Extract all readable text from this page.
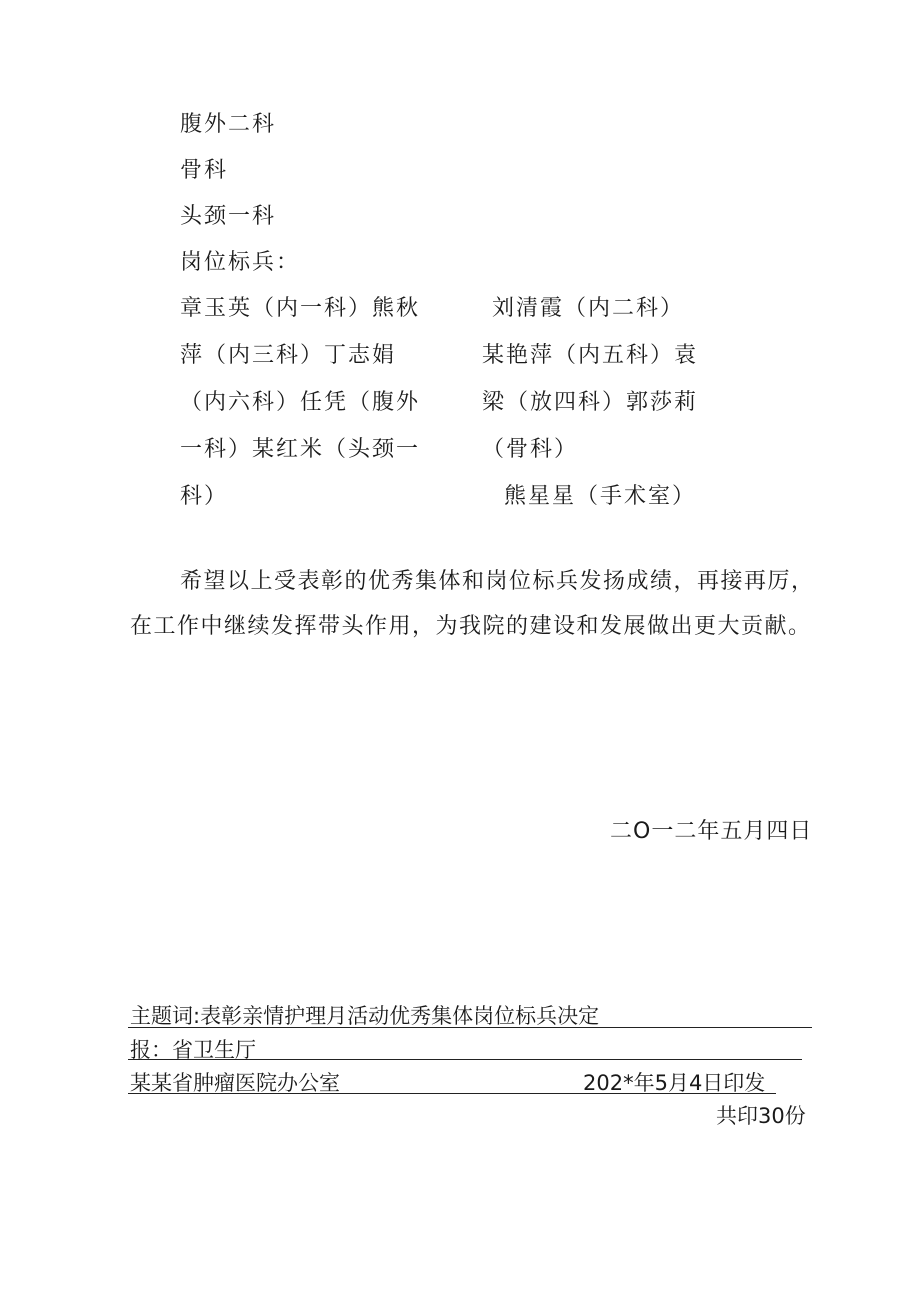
腹外二科
骨科
头颈一科
岗位标兵：
章玉英（内一科）熊秋
萍（内三科）丁志娟
（内六科）任凭（腹外
一科）某红米（头颈一
科）
刘清霞（内二科）
某艳萍（内五科）袁
梁（放四科）郭莎莉
（骨科）
熊星星（手术室）
希望以上受表彰的优秀集体和岗位标兵发扬成绩，再接再厉，
在工作中继续发挥带头作用，为我院的建设和发展做出更大贡献。
二O一二年五月四日
主题词:表彰亲情护理月活动优秀集体岗位标兵决定
报：省卫生厅
某某省肿瘤医院办公室	202*年5月4日印发
共印30份
